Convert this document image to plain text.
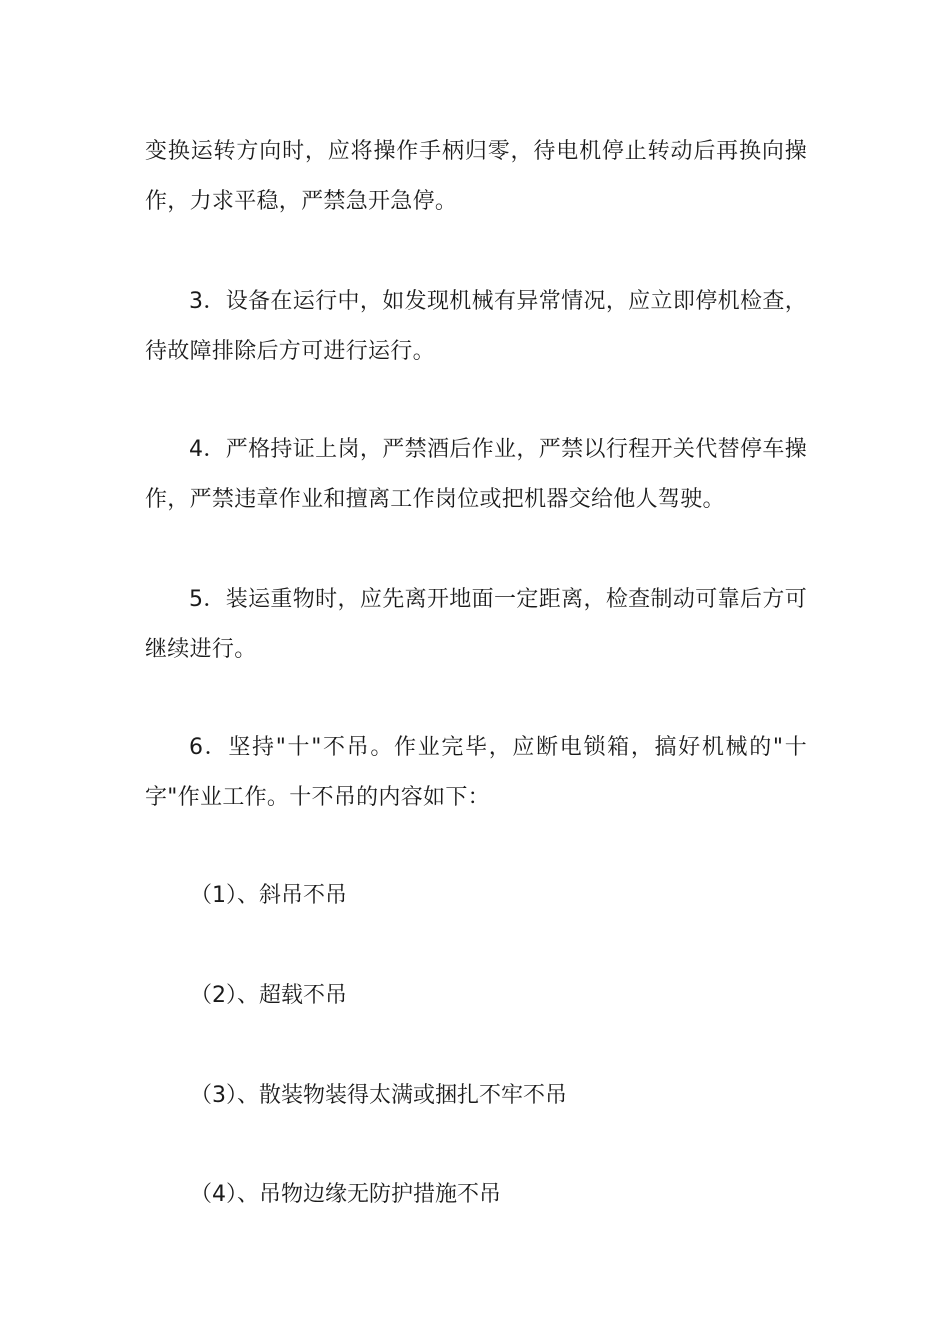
变换运转方向时，应将操作手柄归零，待电机停止转动后再换向操作，力求平稳，严禁急开急停。

3．设备在运行中，如发现机械有异常情况，应立即停机检查，待故障排除后方可进行运行。

4．严格持证上岗，严禁酒后作业，严禁以行程开关代替停车操作，严禁违章作业和擅离工作岗位或把机器交给他人驾驶。

5．装运重物时，应先离开地面一定距离，检查制动可靠后方可继续进行。

6．坚持"十"不吊。作业完毕，应断电锁箱，搞好机械的"十字"作业工作。十不吊的内容如下：

（1）、斜吊不吊

（2）、超载不吊

（3）、散装物装得太满或捆扎不牢不吊

（4）、吊物边缘无防护措施不吊
